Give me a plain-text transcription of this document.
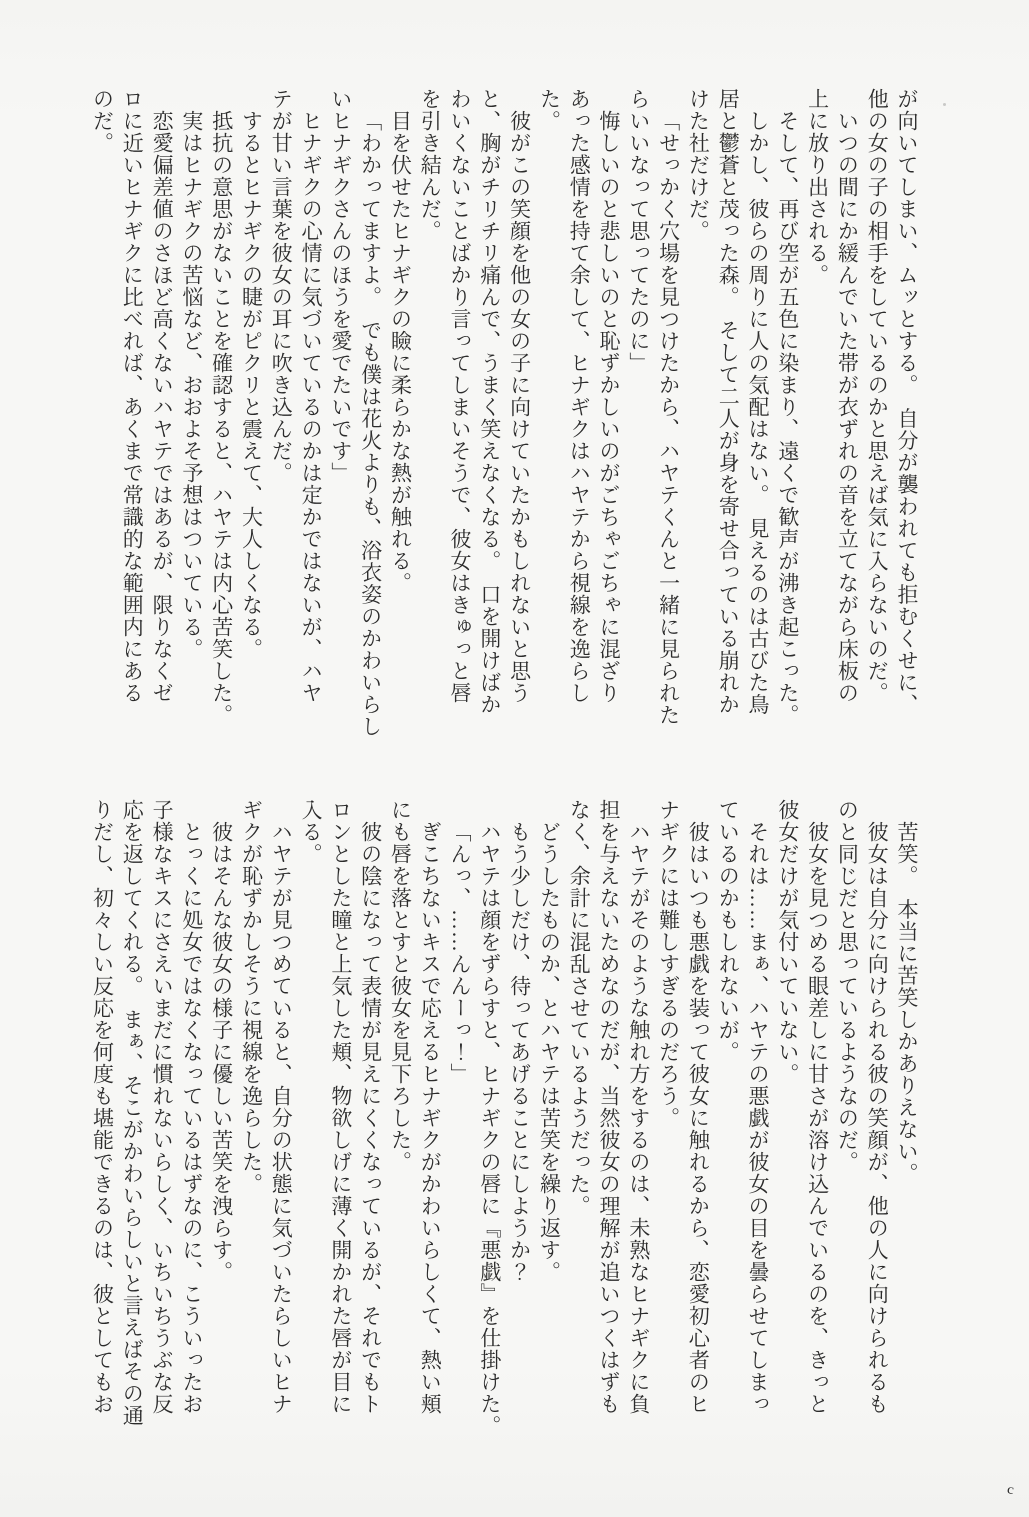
が向いてしまい、ムッとする。　自分が襲われても拒むくせに、
他の女の子の相手をしているのかと思えば気に入らないのだ。
いつの間にか緩んでいた帯が衣ずれの音を立てながら床板の
上に放り出される。
そして、再び空が五色に染まり、遠くで歓声が沸き起こった。
しかし、彼らの周りに人の気配はない。　見えるのは古びた鳥
居と鬱蒼と茂った森。　そして二人が身を寄せ合っている崩れか
けた社だけだ。
「せっかく穴場を見つけたから、ハヤテくんと一緒に見られた
らいいなって思ってたのに」
悔しいのと悲しいのと恥ずかしいのがごちゃごちゃに混ざり
あった感情を持て余して、ヒナギクはハヤテから視線を逸らし
た。
彼がこの笑顔を他の女の子に向けていたかもしれないと思う
と、胸がチリチリ痛んで、うまく笑えなくなる。　口を開けばか
わいくないことばかり言ってしまいそうで、彼女はきゅっと唇
を引き結んだ。
目を伏せたヒナギクの瞼に柔らかな熱が触れる。
「わかってますよ。　でも僕は花火よりも、浴衣姿のかわいらし
いヒナギクさんのほうを愛でたいです」
ヒナギクの心情に気づいているのかは定かではないが、ハヤ
テが甘い言葉を彼女の耳に吹き込んだ。
するとヒナギクの睫がピクリと震えて、大人しくなる。
抵抗の意思がないことを確認すると、ハヤテは内心苦笑した。
実はヒナギクの苦悩など、おおよそ予想はついている。
恋愛偏差値のさほど高くないハヤテではあるが、限りなくゼ
ロに近いヒナギクに比べれば、あくまで常識的な範囲内にある
のだ。
苦笑。　本当に苦笑しかありえない。
彼女は自分に向けられる彼の笑顔が、他の人に向けられるも
のと同じだと思っているようなのだ。
彼女を見つめる眼差しに甘さが溶け込んでいるのを、きっと
彼女だけが気付いていない。
それは……まぁ、ハヤテの悪戯が彼女の目を曇らせてしまっ
ているのかもしれないが。
彼はいつも悪戯を装って彼女に触れるから、恋愛初心者のヒ
ナギクには難しすぎるのだろう。
ハヤテがそのような触れ方をするのは、未熟なヒナギクに負
担を与えないためなのだが、当然彼女の理解が追いつくはずも
なく、余計に混乱させているようだった。
どうしたものか、とハヤテは苦笑を繰り返す。
もう少しだけ、待ってあげることにしようか？
ハヤテは顔をずらすと、ヒナギクの唇に『悪戯』を仕掛けた。
「んっ、……んんーっ！」
ぎこちないキスで応えるヒナギクがかわいらしくて、熱い頬
にも唇を落とすと彼女を見下ろした。
彼の陰になって表情が見えにくくなっているが、それでもト
ロンとした瞳と上気した頬、物欲しげに薄く開かれた唇が目に
入る。
ハヤテが見つめていると、自分の状態に気づいたらしいヒナ
ギクが恥ずかしそうに視線を逸らした。
彼はそんな彼女の様子に優しい苦笑を洩らす。
とっくに処女ではなくなっているはずなのに、こういったお
子様なキスにさえいまだに慣れないらしく、いちいちうぶな反
応を返してくれる。　まぁ、そこがかわいらしいと言えばその通
りだし、初々しい反応を何度も堪能できるのは、彼としてもお
c
